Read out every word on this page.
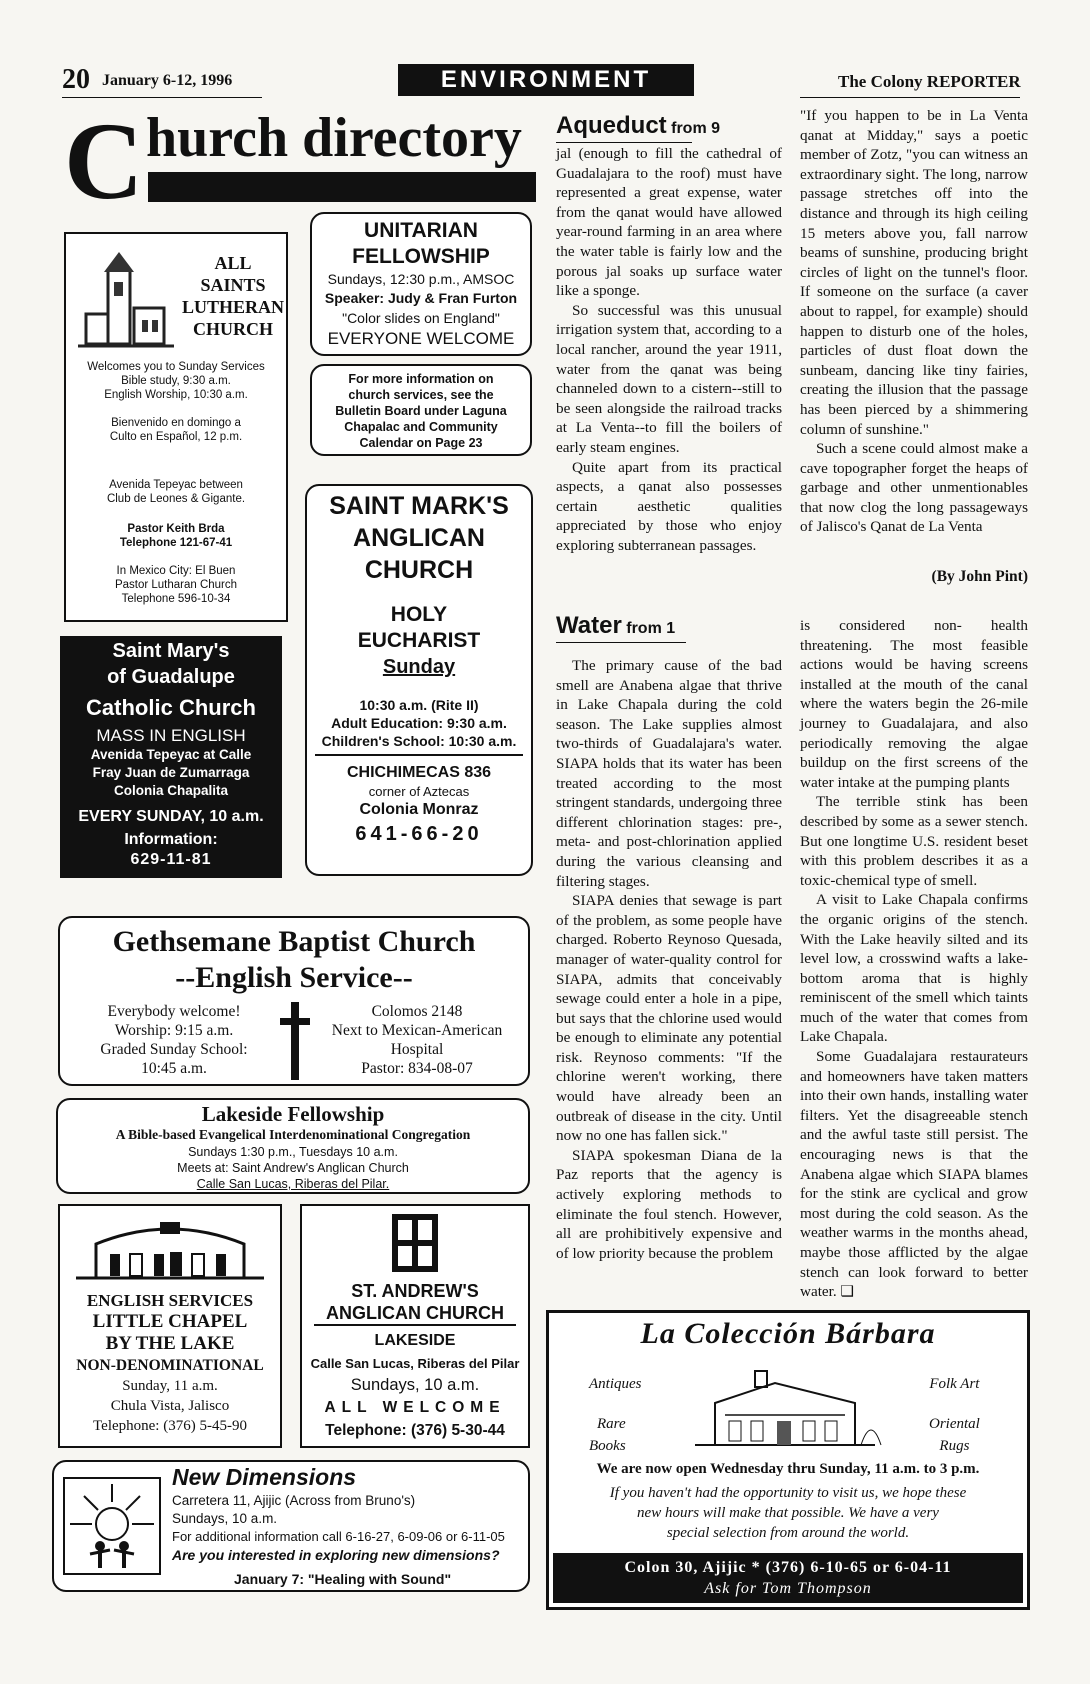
20 January 6-12, 1996	ENVIRONMENT	The Colony REPORTER
C hurch directory
ALL
SAINTS
LUTHERAN
CHURCH
Welcomes you to Sunday Services
Bible study, 9:30 a.m.
English Worship, 10:30 a.m.
Bienvenido en domingo a
Culto en Español, 12 p.m.
Avenida Tepeyac between
Club de Leones & Gigante.
Pastor Keith Brda
Telephone 121-67-41
In Mexico City: El Buen
Pastor Lutharan Church
Telephone 596-10-34
UNITARIAN
FELLOWSHIP
Sundays, 12:30 p.m., AMSOC
Speaker: Judy & Fran Furton
"Color slides on England"
EVERYONE WELCOME
For more information on
church services, see the
Bulletin Board under Laguna
Chapalac and Community
Calendar on Page 23
Saint Mary's
of Guadalupe
Catholic Church
MASS IN ENGLISH
Avenida Tepeyac at Calle
Fray Juan de Zumarraga
Colonia Chapalita
EVERY SUNDAY, 10 a.m.
Information:
629-11-81
SAINT MARK'S
ANGLICAN
CHURCH
HOLY
EUCHARIST
Sunday
10:30 a.m. (Rite II)
Adult Education: 9:30 a.m.
Children's School: 10:30 a.m.
CHICHIMECAS 836
corner of Aztecas
Colonia Monraz
641-66-20
Gethsemane Baptist Church
--English Service--
Everybody welcome!
Worship: 9:15 a.m.
Graded Sunday School:
10:45 a.m.
Colomos 2148
Next to Mexican-American
Hospital
Pastor: 834-08-07
Lakeside Fellowship
A Bible-based Evangelical Interdenominational Congregation
Sundays 1:30 p.m., Tuesdays 10 a.m.
Meets at: Saint Andrew's Anglican Church
Calle San Lucas, Riberas del Pilar.
ENGLISH SERVICES
LITTLE CHAPEL
BY THE LAKE
NON-DENOMINATIONAL
Sunday, 11 a.m.
Chula Vista, Jalisco
Telephone: (376) 5-45-90
ST. ANDREW'S
ANGLICAN CHURCH
LAKESIDE
Calle San Lucas, Riberas del Pilar
Sundays, 10 a.m.
ALL WELCOME
Telephone: (376) 5-30-44
New Dimensions
Carretera 11, Ajijic (Across from Bruno's)
Sundays, 10 a.m.
For additional information call 6-16-27, 6-09-06 or 6-11-05
Are you interested in exploring new dimensions?
January 7: "Healing with Sound"
Aqueduct from 9

jal (enough to fill the cathedral of Guadalajara to the roof) must have represented a great expense, water from the qanat would have allowed year-round farming in an area where the water table is fairly low and the porous jal soaks up surface water like a sponge.

So successful was this unusual irrigation system that, according to a local rancher, around the year 1911, water from the qanat was being channeled down to a cistern--still to be seen alongside the railroad tracks at La Venta--to fill the boilers of early steam engines.

Quite apart from its practical aspects, a qanat also possesses certain aesthetic qualities appreciated by those who enjoy exploring subterranean passages.

"If you happen to be in La Venta qanat at Midday," says a poetic member of Zotz, "you can witness an extraordinary sight. The long, narrow passage stretches off into the distance and through its high ceiling 15 meters above you, fall narrow beams of sunshine, producing bright circles of light on the tunnel's floor. If someone on the surface (a caver about to rappel, for example) should happen to disturb one of the holes, particles of dust float down the sunbeam, dancing like tiny fairies, creating the illusion that the passage has been pierced by a shimmering column of sunshine."

Such a scene could almost make a cave topographer forget the heaps of garbage and other unmentionables that now clog the long passageways of Jalisco's Qanat de La Venta

(By John Pint)
Water from 1

The primary cause of the bad smell are Anabena algae that thrive in Lake Chapala during the cold season. The Lake supplies almost two-thirds of Guadalajara's water. SIAPA holds that its water has been treated according to the most stringent standards, undergoing three different chlorination stages: pre-, meta- and post-chlorination applied during the various cleansing and filtering stages.

SIAPA denies that sewage is part of the problem, as some people have charged. Roberto Reynoso Quesada, manager of water-quality control for SIAPA, admits that conceivably sewage could enter a hole in a pipe, but says that the chlorine used would be enough to eliminate any potential risk. Reynoso comments: "If the chlorine weren't working, there would have already been an outbreak of disease in the city. Until now no one has fallen sick."

SIAPA spokesman Diana de la Paz reports that the agency is actively exploring methods to eliminate the foul stench. However, all are prohibitively expensive and of low priority because the problem

is considered non- health threatening. The most feasible actions would be having screens installed at the mouth of the canal where the waters begin the 26-mile journey to Guadalajara, and also periodically removing the algae buildup on the first screens of the water intake at the pumping plants

The terrible stink has been described by some as a sewer stench. But one longtime U.S. resident beset with this problem describes it as a toxic-chemical type of smell.

A visit to Lake Chapala confirms the organic origins of the stench. With the Lake heavily silted and its level low, a crosswind wafts a lake-bottom aroma that is highly reminiscent of the smell which taints much of the water that comes from Lake Chapala.

Some Guadalajara restaurateurs and homeowners have taken matters into their own hands, installing water filters. Yet the disagreeable stench and the awful taste still persist. The encouraging news is that the Anabena algae which SIAPA blames for the stink are cyclical and grow most during the cold season. As the weather warms in the months ahead, maybe those afflicted by the algae stench can look forward to better water. ❑

La Colección Bárbara
Antiques
Rare
Books
Folk Art
Oriental
Rugs
We are now open Wednesday thru Sunday, 11 a.m. to 3 p.m.
If you haven't had the opportunity to visit us, we hope these
new hours will make that possible. We have a very
special selection from around the world.
Colon 30, Ajijic * (376) 6-10-65 or 6-04-11
Ask for Tom Thompson
